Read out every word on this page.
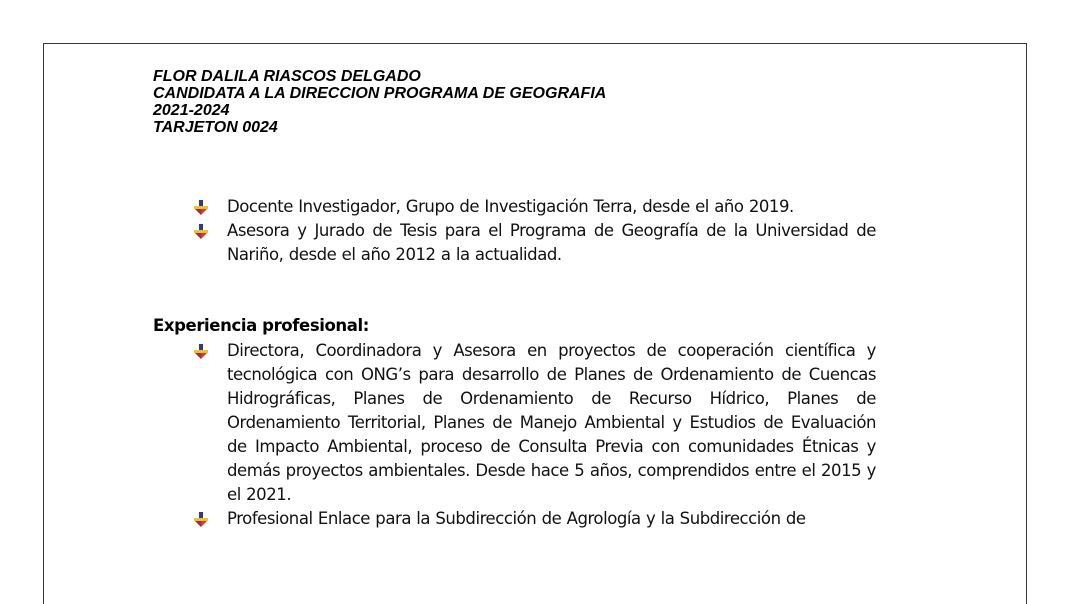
FLOR DALILA RIASCOS DELGADO
CANDIDATA A LA DIRECCION PROGRAMA DE GEOGRAFIA
2021-2024
TARJETON 0024
Docente Investigador, Grupo de Investigación Terra, desde el año 2019.
Asesora y Jurado de Tesis para el Programa de Geografía de la Universidad de Nariño, desde el año 2012 a la actualidad.
Experiencia profesional:
Directora, Coordinadora y Asesora en proyectos de cooperación científica y tecnológica con ONG’s para desarrollo de Planes de Ordenamiento de Cuencas Hidrográficas, Planes de Ordenamiento de Recurso Hídrico, Planes de Ordenamiento Territorial, Planes de Manejo Ambiental y Estudios de Evaluación de Impacto Ambiental, proceso de Consulta Previa con comunidades Étnicas y demás proyectos ambientales. Desde hace 5 años, comprendidos entre el 2015 y el 2021.
Profesional Enlace para la Subdirección de Agrología y la Subdirección de
